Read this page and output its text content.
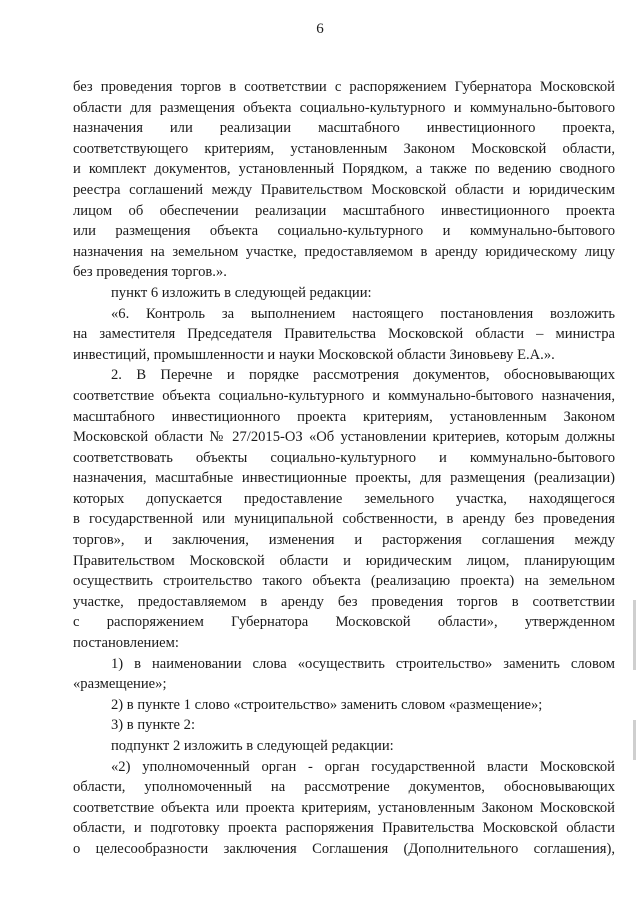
6
без проведения торгов в соответствии с распоряжением Губернатора Московской
области для размещения объекта социально-культурного и коммунально-бытового
назначения или реализации масштабного инвестиционного проекта,
соответствующего критериям, установленным Законом Московской области,
и комплект документов, установленный Порядком, а также по ведению сводного
реестра соглашений между Правительством Московской области и юридическим
лицом об обеспечении реализации масштабного инвестиционного проекта
или размещения объекта социально-культурного и коммунально-бытового
назначения на земельном участке, предоставляемом в аренду юридическому лицу
без проведения торгов.».
пункт 6 изложить в следующей редакции:
«6. Контроль за выполнением настоящего постановления возложить
на заместителя Председателя Правительства Московской области – министра
инвестиций, промышленности и науки Московской области Зиновьеву Е.А.».
2. В Перечне и порядке рассмотрения документов, обосновывающих
соответствие объекта социально-культурного и коммунально-бытового назначения,
масштабного инвестиционного проекта критериям, установленным Законом
Московской области № 27/2015-ОЗ «Об установлении критериев, которым должны
соответствовать объекты социально-культурного и коммунально-бытового
назначения, масштабные инвестиционные проекты, для размещения (реализации)
которых допускается предоставление земельного участка, находящегося
в государственной или муниципальной собственности, в аренду без проведения
торгов», и заключения, изменения и расторжения соглашения между
Правительством Московской области и юридическим лицом, планирующим
осуществить строительство такого объекта (реализацию проекта) на земельном
участке, предоставляемом в аренду без проведения торгов в соответствии
с распоряжением Губернатора Московской области», утвержденном
постановлением:
1) в наименовании слова «осуществить строительство» заменить словом
«размещение»;
2) в пункте 1 слово «строительство» заменить словом «размещение»;
3) в пункте 2:
подпункт 2 изложить в следующей редакции:
«2) уполномоченный орган - орган государственной власти Московской
области, уполномоченный на рассмотрение документов, обосновывающих
соответствие объекта или проекта критериям, установленным Законом Московской
области, и подготовку проекта распоряжения Правительства Московской области
о целесообразности заключения Соглашения (Дополнительного соглашения),
